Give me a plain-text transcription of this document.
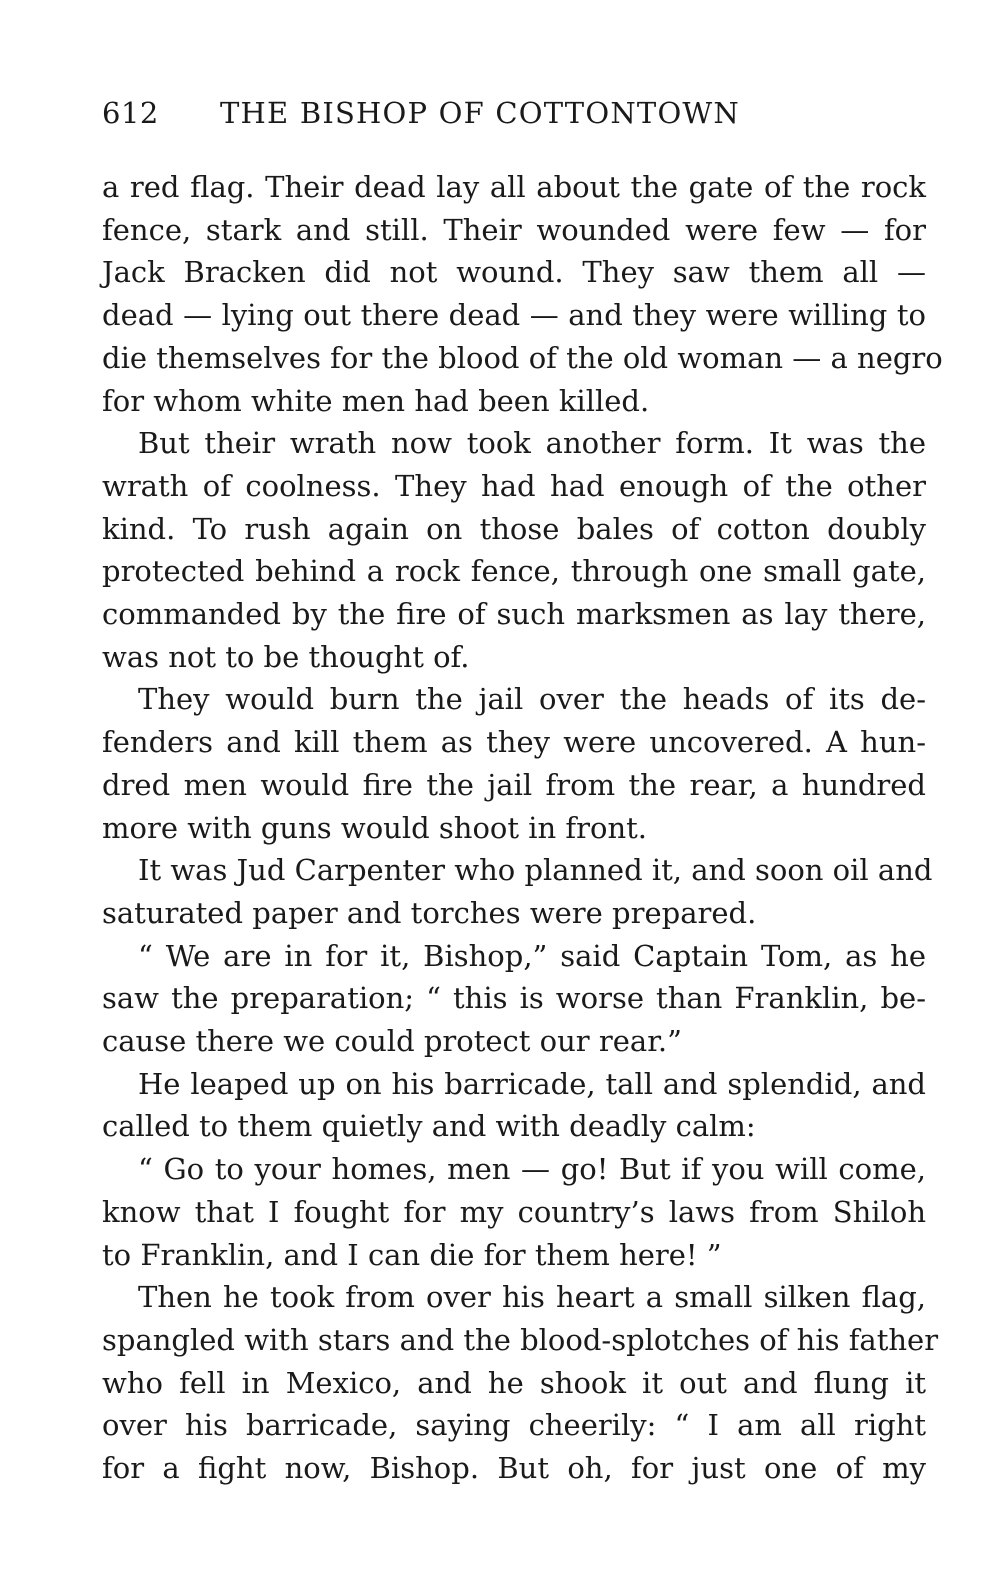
612	THE BISHOP OF COTTONTOWN
a red flag. Their dead lay all about the gate of the rock
fence, stark and still. Their wounded were few — for
Jack Bracken did not wound. They saw them all —
dead — lying out there dead — and they were willing to
die themselves for the blood of the old woman — a negro
for whom white men had been killed.
But their wrath now took another form. It was the
wrath of coolness. They had had enough of the other
kind. To rush again on those bales of cotton doubly
protected behind a rock fence, through one small gate,
commanded by the fire of such marksmen as lay there,
was not to be thought of.
They would burn the jail over the heads of its de-
fenders and kill them as they were uncovered. A hun-
dred men would fire the jail from the rear, a hundred
more with guns would shoot in front.
It was Jud Carpenter who planned it, and soon oil and
saturated paper and torches were prepared.
“ We are in for it, Bishop,” said Captain Tom, as he
saw the preparation; “ this is worse than Franklin, be-
cause there we could protect our rear.”
He leaped up on his barricade, tall and splendid, and
called to them quietly and with deadly calm:
“ Go to your homes, men — go! But if you will come,
know that I fought for my country’s laws from Shiloh
to Franklin, and I can die for them here! ”
Then he took from over his heart a small silken flag,
spangled with stars and the blood-splotches of his father
who fell in Mexico, and he shook it out and flung it
over his barricade, saying cheerily: “ I am all right
for a fight now, Bishop. But oh, for just one of my
